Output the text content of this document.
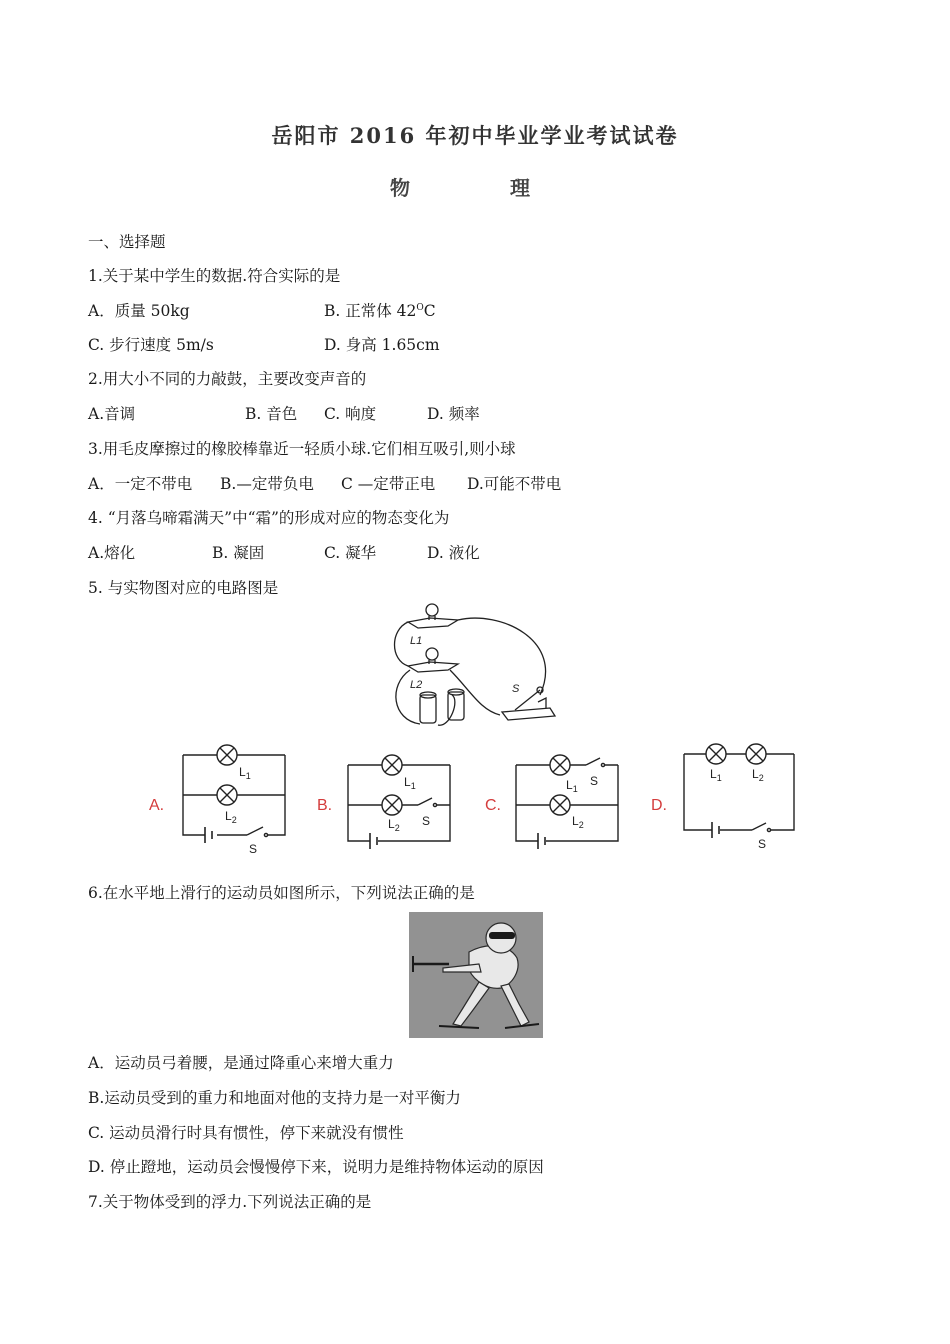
岳阳市 2016 年初中毕业学业考试试卷
物	理
一、选择题
1.关于某中学生的数据.符合实际的是
A．质量 50kg	B. 正常体 $42^OC$
C. 步行速度 5m/s	D. 身高 1.65cm
2.用大小不同的力敲鼓，主要改变声音的
A.音调	B. 音色 C. 响度	D. 频率
3.用毛皮摩擦过的橡胶棒靠近一轻质小球.它们相互吸引,则小球
A．一定不带电 B.—定带负电 C —定带正电 D.可能不带电
4. “月落乌啼霜满天”中“霜”的形成对应的物态变化为
A.熔化	B. 凝固	C. 凝华	D. 液化
5. 与实物图对应的电路图是
L1
L2	S
A.	B.	C.	D.
$L_1$
$L_2$
S
$L_1$
$L_2$ S
$L_1$
S
$L_2$
$L_1$	$L_2$
S
6.在水平地上滑行的运动员如图所示，下列说法正确的是
A．运动员弓着腰，是通过降重心来增大重力
B.运动员受到的重力和地面对他的支持力是一对平衡力
C. 运动员滑行时具有惯性，停下来就没有惯性
D. 停止蹬地，运动员会慢慢停下来，说明力是维持物体运动的原因
7.关于物体受到的浮力.下列说法正确的是
